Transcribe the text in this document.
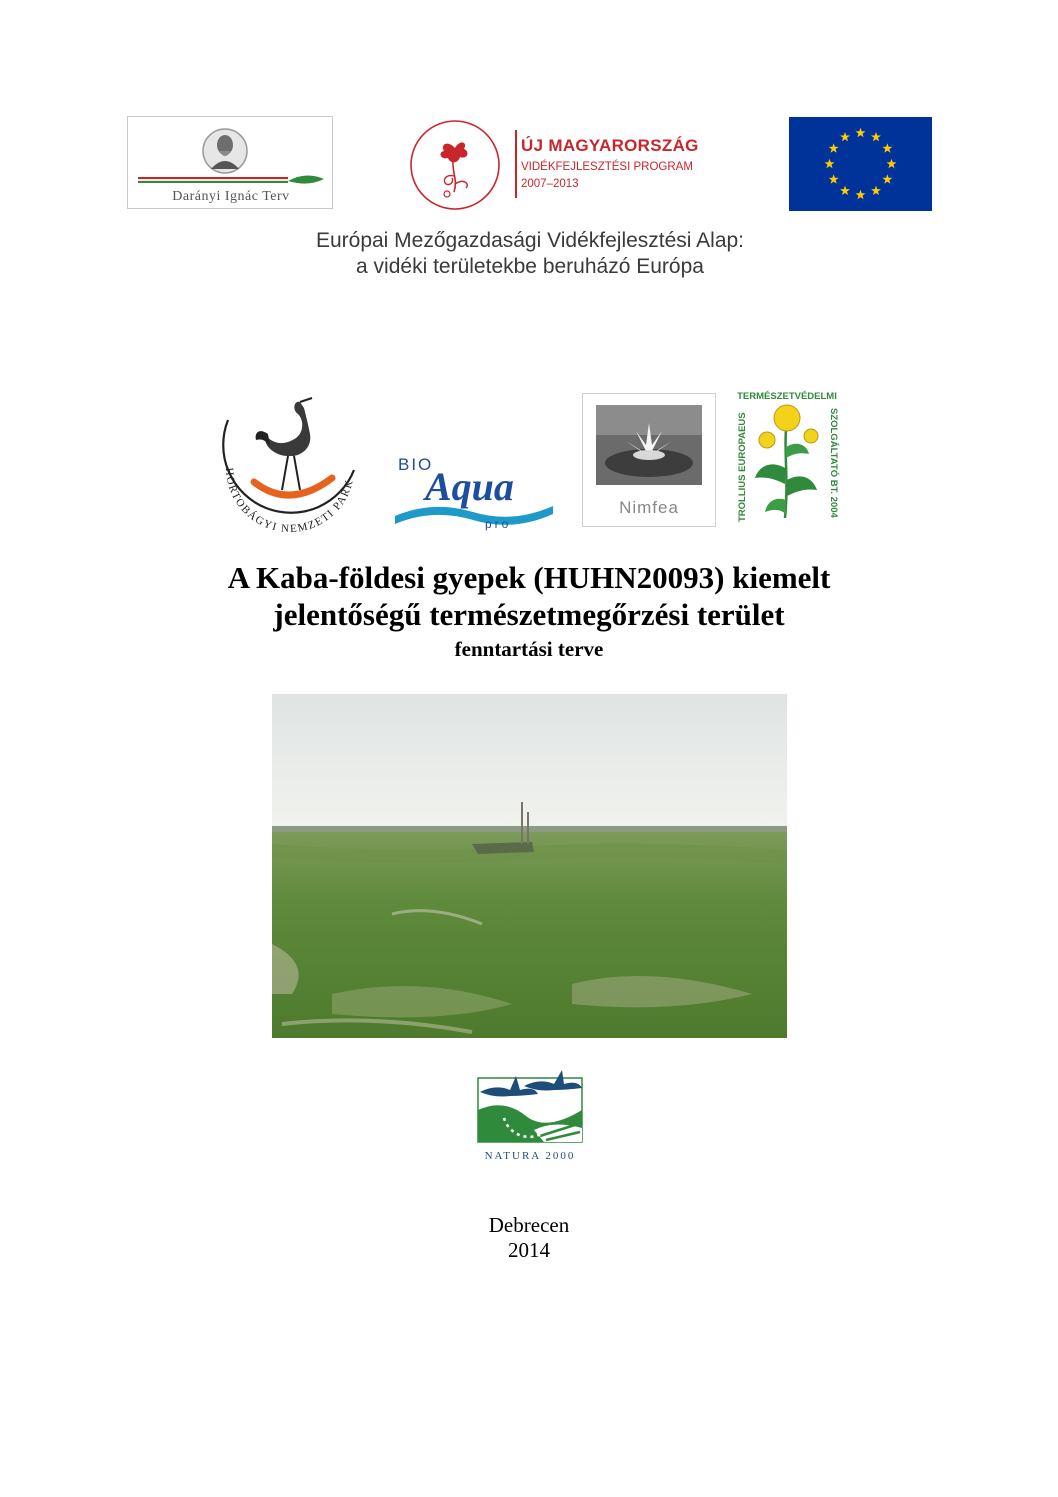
Darányi Ignác Terv
ÚJ MAGYARORSZÁG
VIDÉKFEJLESZTÉSI PROGRAM
2007–2013
Európai Mezőgazdasági Vidékfejlesztési Alap:
a vidéki területekbe beruházó Európa
HORTOBÁGYI NEMZETI PARK
BIO
Aqua
pro
Nimfea
TERMÉSZETVÉDELMI
TROLLIUS EUROPAEUS	SZOLGÁLTATÓ BT. 2004
A Kaba-földesi gyepek (HUHN20093) kiemelt
jelentőségű természetmegőrzési terület
fenntartási terve
NATURA 2000
Debrecen
2014
